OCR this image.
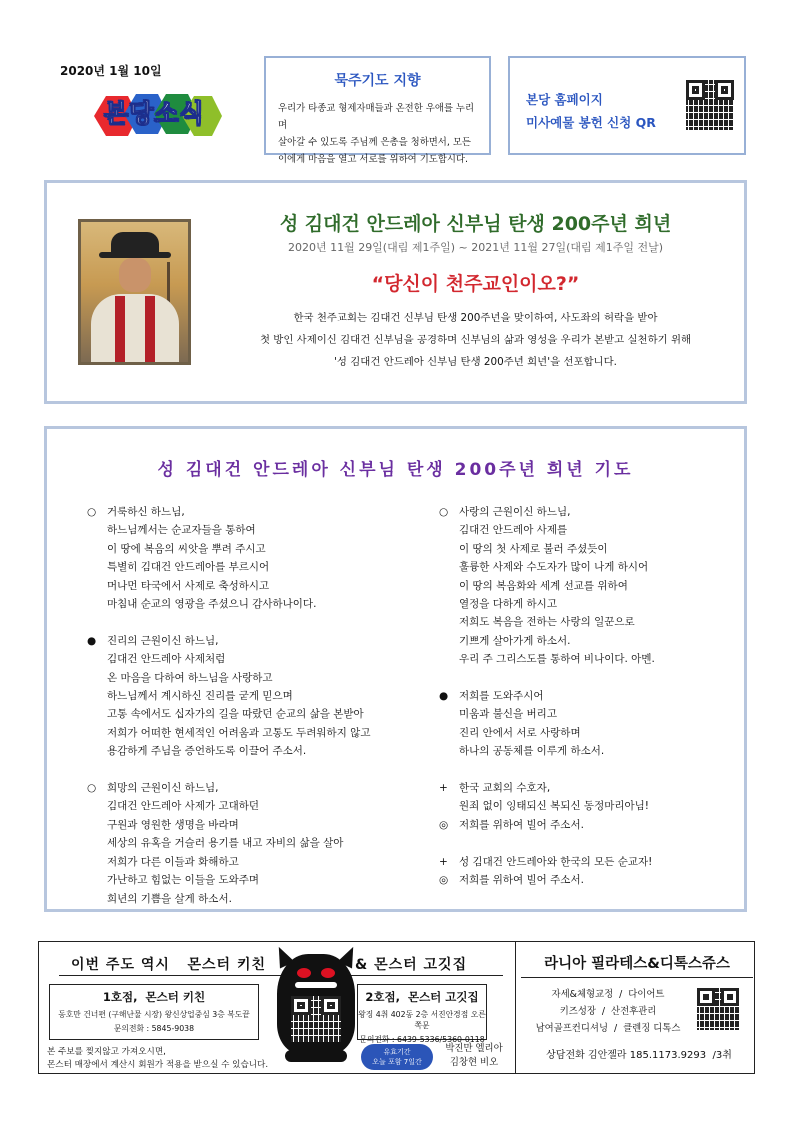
2020년 1월 10일
본당소식
묵주기도 지향
우리가 타종교 형제자매들과 온전한 우애를 누리며
살아갈 수 있도록 주님께 은총을 청하면서, 모든
이에게 마음을 열고 서로를 위하여 기도합시다.
본당 홈페이지
미사예물 봉헌 신청 QR
성 김대건 안드레아 신부님 탄생 200주년 희년
2020년 11월 29일(대림 제1주일) ~ 2021년 11월 27일(대림 제1주일 전날)
“당신이 천주교인이오?”
한국 천주교회는 김대건 신부님 탄생 200주년을 맞이하여, 사도좌의 허락을 받아
첫 방인 사제이신 김대건 신부님을 공경하며 신부님의 삶과 영성을 우리가 본받고 실천하기 위해
'성 김대건 안드레아 신부님 탄생 200주년 희년'을 선포합니다.
성 김대건 안드레아 신부님 탄생 200주년 희년 기도
○	거룩하신 하느님,
하느님께서는 순교자들을 통하여
이 땅에 복음의 씨앗을 뿌려 주시고
특별히 김대건 안드레아를 부르시어
머나먼 타국에서 사제로 축성하시고
마침내 순교의 영광을 주셨으니 감사하나이다.
●	진리의 근원이신 하느님,
김대건 안드레아 사제처럼
온 마음을 다하여 하느님을 사랑하고
하느님께서 계시하신 진리를 굳게 믿으며
고통 속에서도 십자가의 길을 따랐던 순교의 삶을 본받아
저희가 어떠한 현세적인 어려움과 고통도 두려워하지 않고
용감하게 주님을 증언하도록 이끌어 주소서.
○	희망의 근원이신 하느님,
김대건 안드레아 사제가 고대하던
구원과 영원한 생명을 바라며
세상의 유혹을 거슬러 용기를 내고 자비의 삶을 살아
저희가 다른 이들과 화해하고
가난하고 힘없는 이들을 도와주며
희년의 기쁨을 살게 하소서.
○	사랑의 근원이신 하느님,
김대건 안드레아 사제를
이 땅의 첫 사제로 불러 주셨듯이
훌륭한 사제와 수도자가 많이 나게 하시어
이 땅의 복음화와 세계 선교를 위하여
열정을 다하게 하시고
저희도 복음을 전하는 사랑의 일꾼으로
기쁘게 살아가게 하소서.
우리 주 그리스도를 통하여 비나이다. 아멘.
●	저희를 도와주시어
미움과 불신을 버리고
진리 안에서 서로 사랑하며
하나의 공동체를 이루게 하소서.
+	한국 교회의 수호자,
원죄 없이 잉태되신 복되신 동정마리아님!
◎	저희를 위하여 빌어 주소서.
+	성 김대건 안드레아와 한국의 모든 순교자!
◎	저희를 위하여 빌어 주소서.
이번 주도 역시   몬스터 키친	& 몬스터 고깃집
1호점,  몬스터 키친
동호만 건너편 (구해난물 시장) 왕신상업중심 3층 복도끝
문의전화 : 5845-9038
2호점,  몬스터 고깃집
왕징 4취 402동 2층 서진안경점 오른쪽문
문의전화 : 6439-5336/5360-0118
본 주보를 찢지않고 가져오시면,
몬스터 매장에서 계산시 회원가 적용을 받으실 수 있습니다.
유효기간
오늘 포함 7일간
박진만 엘리아
김창현 비오
라니아 필라테스&디톡스쥬스
자세&체형교정  /  다이어트
키즈성장  /  산전후관리
남여골프컨디셔닝  /  클렌징 디톡스
상담전화 김안젤라 185.1173.9293  /3취
